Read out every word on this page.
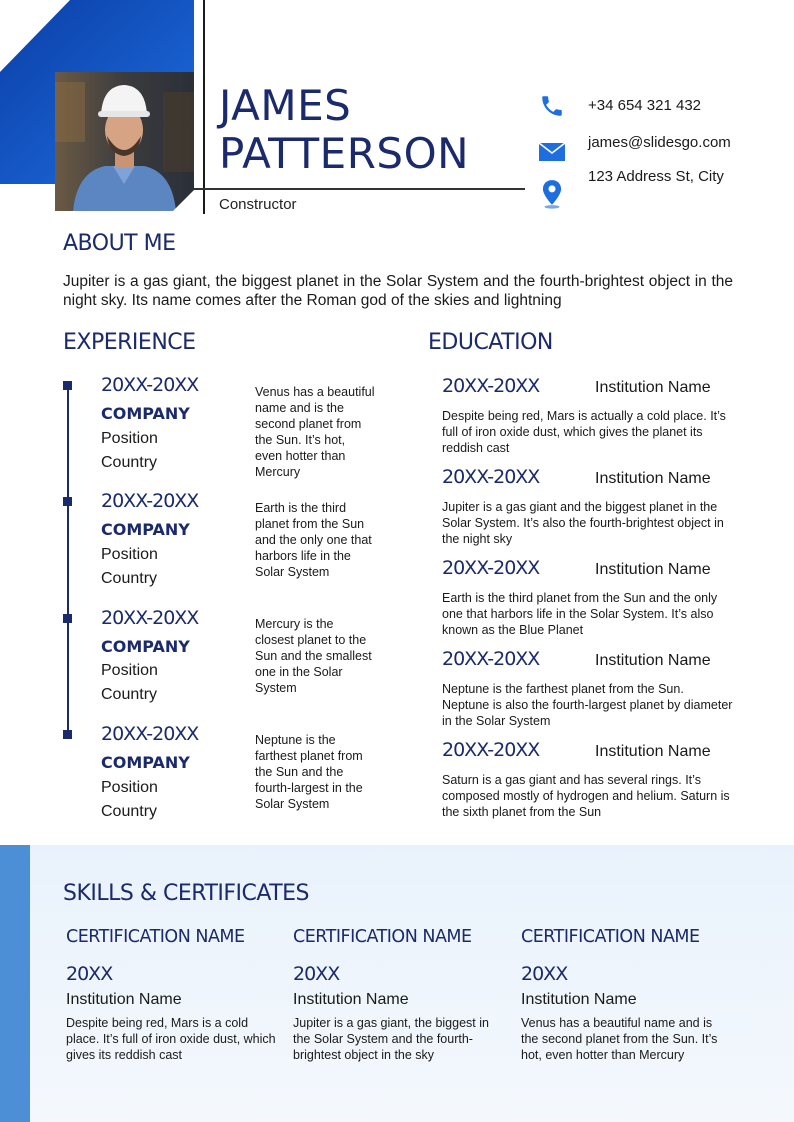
JAMES
PATTERSON
Constructor
+34 654 321 432
james@slidesgo.com
123 Address St, City
ABOUT ME
Jupiter is a gas giant, the biggest planet in the Solar System and the fourth-brightest object in the night sky. Its name comes after the Roman god of the skies and lightning
EXPERIENCE
20XX-20XX
COMPANY
Position
Country
Venus has a beautiful name and is the second planet from the Sun. It’s hot, even hotter than Mercury
20XX-20XX
COMPANY
Position
Country
Earth is the third planet from the Sun and the only one that harbors life in the Solar System
20XX-20XX
COMPANY
Position
Country
Mercury is the closest planet to the Sun and the smallest one in the Solar System
20XX-20XX
COMPANY
Position
Country
Neptune is the farthest planet from the Sun and the fourth-largest in the Solar System
EDUCATION
20XX-20XX	Institution Name
Despite being red, Mars is actually a cold place. It’s full of iron oxide dust, which gives the planet its reddish cast
20XX-20XX	Institution Name
Jupiter is a gas giant and the biggest planet in the Solar System. It’s also the fourth-brightest object in the night sky
20XX-20XX	Institution Name
Earth is the third planet from the Sun and the only one that harbors life in the Solar System. It’s also known as the Blue Planet
20XX-20XX	Institution Name
Neptune is the farthest planet from the Sun. Neptune is also the fourth-largest planet by diameter in the Solar System
20XX-20XX	Institution Name
Saturn is a gas giant and has several rings. It’s composed mostly of hydrogen and helium. Saturn is the sixth planet from the Sun
SKILLS & CERTIFICATES
CERTIFICATION NAME
20XX
Institution Name
Despite being red, Mars is a cold place. It’s full of iron oxide dust, which gives its reddish cast
CERTIFICATION NAME
20XX
Institution Name
Jupiter is a gas giant, the biggest in the Solar System and the fourth-brightest object in the sky
CERTIFICATION NAME
20XX
Institution Name
Venus has a beautiful name and is the second planet from the Sun. It’s hot, even hotter than Mercury
